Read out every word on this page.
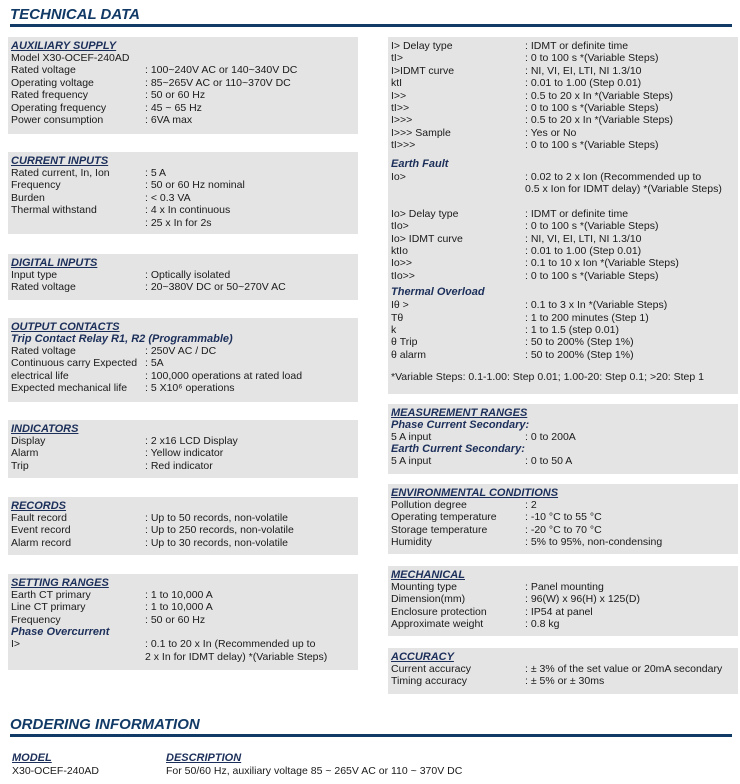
TECHNICAL DATA
AUXILIARY SUPPLY
Model X30-OCEF-240AD
Rated voltage	: 100~240V AC or 140~340V DC
Operating voltage	: 85~265V AC or 110~370V DC
Rated frequency	: 50 or 60 Hz
Operating frequency	: 45 ~ 65 Hz
Power consumption	: 6VA max
CURRENT INPUTS
Rated current, In, Ion	: 5 A
Frequency	: 50 or 60 Hz nominal
Burden	: < 0.3 VA
Thermal withstand	: 4 x In continuous
: 25 x In for 2s
DIGITAL INPUTS
Input type	: Optically isolated
Rated voltage	: 20~380V DC or 50~270V AC
OUTPUT CONTACTS
Trip Contact Relay R1, R2 (Programmable)
Rated voltage	: 250V AC / DC
Continuous carry Expected : 5A
electrical life	: 100,000 operations at rated load
Expected mechanical life : 5 X10⁶ operations
INDICATORS
Display	: 2 x16 LCD Display
Alarm	: Yellow indicator
Trip	: Red indicator
RECORDS
Fault record	: Up to 50 records, non-volatile
Event record	: Up to 250 records, non-volatile
Alarm record	: Up to 30 records, non-volatile
SETTING RANGES
Earth CT primary	: 1 to 10,000 A
Line CT primary	: 1 to 10,000 A
Frequency	: 50 or 60 Hz
Phase Overcurrent
I>	: 0.1 to 20 x In (Recommended up to
2 x In for IDMT delay) *(Variable Steps)
I> Delay type	: IDMT or definite time
tI>	: 0 to 100 s *(Variable Steps)
I>IDMT curve	: NI, VI, EI, LTI, NI 1.3/10
ktI	: 0.01 to 1.00 (Step 0.01)
I>>	: 0.5 to 20 x In *(Variable Steps)
tI>>	: 0 to 100 s *(Variable Steps)
I>>>	: 0.5 to 20 x In *(Variable Steps)
I>>> Sample	: Yes or No
tI>>>	: 0 to 100 s *(Variable Steps)
Earth Fault
Io>	: 0.02 to 2 x Ion (Recommended up to
0.5 x Ion for IDMT delay) *(Variable Steps)
Io> Delay type	: IDMT or definite time
tIo>	: 0 to 100 s *(Variable Steps)
Io> IDMT curve	: NI, VI, EI, LTI, NI 1.3/10
ktIo	: 0.01 to 1.00 (Step 0.01)
Io>>	: 0.1 to 10 x Ion *(Variable Steps)
tIo>>	: 0 to 100 s *(Variable Steps)
Thermal Overload
Iθ >	: 0.1 to 3 x In *(Variable Steps)
Tθ	: 1 to 200 minutes (Step 1)
k	: 1 to 1.5 (step 0.01)
θ Trip	: 50 to 200% (Step 1%)
θ alarm	: 50 to 200% (Step 1%)
*Variable Steps: 0.1-1.00: Step 0.01; 1.00-20: Step 0.1; >20: Step 1
MEASUREMENT RANGES
Phase Current Secondary:
5 A input	: 0 to 200A
Earth Current Secondary:
5 A input	: 0 to 50 A
ENVIRONMENTAL CONDITIONS
Pollution degree	: 2
Operating temperature	: -10 °C to 55 °C
Storage temperature	: -20 °C to 70 °C
Humidity	: 5% to 95%, non-condensing
MECHANICAL
Mounting type	: Panel mounting
Dimension(mm)	: 96(W) x 96(H) x 125(D)
Enclosure protection	: IP54 at panel
Approximate weight	: 0.8 kg
ACCURACY
Current accuracy	: ± 3% of the set value or 20mA secondary
Timing accuracy	: ± 5% or ± 30ms
ORDERING INFORMATION
MODEL	DESCRIPTION
X30-OCEF-240AD	For 50/60 Hz, auxiliary voltage 85 ~ 265V AC or 110 ~ 370V DC
